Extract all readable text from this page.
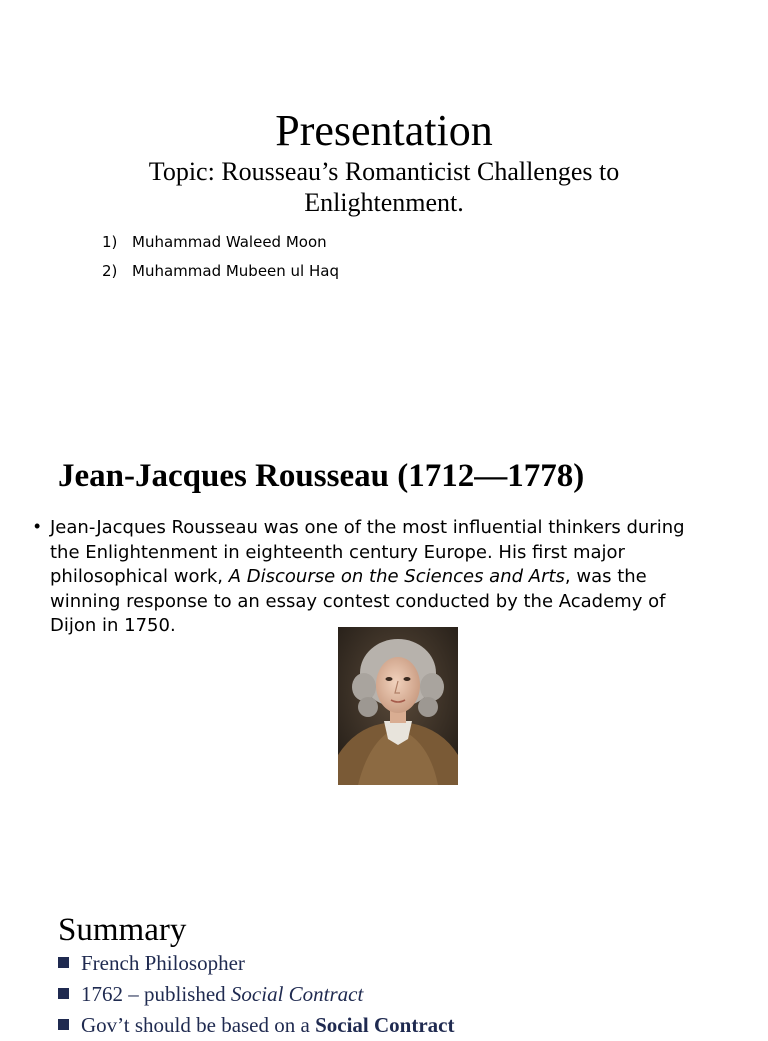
Presentation
Topic: Rousseau’s Romanticist Challenges to Enlightenment.
1) Muhammad Waleed Moon
2) Muhammad Mubeen ul Haq
Jean-Jacques Rousseau (1712—1778)
• Jean-Jacques Rousseau was one of the most influential thinkers during the Enlightenment in eighteenth century Europe. His first major philosophical work, A Discourse on the Sciences and Arts, was the winning response to an essay contest conducted by the Academy of Dijon in 1750.
Summary
French Philosopher
1762 – published Social Contract
Gov’t should be based on a Social Contract
